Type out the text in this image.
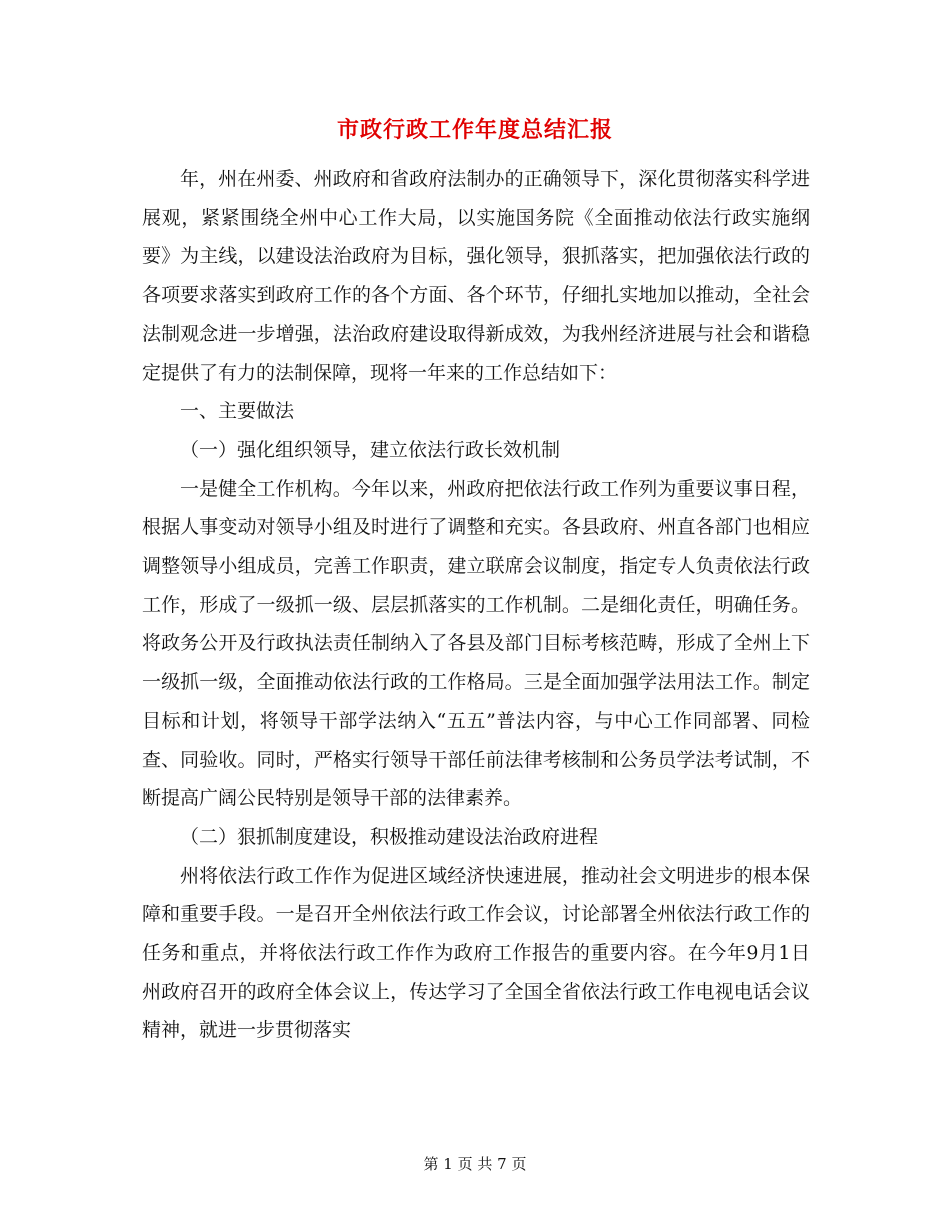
市政行政工作年度总结汇报

年，州在州委、州政府和省政府法制办的正确领导下，深化贯彻落实科学进展观，紧紧围绕全州中心工作大局，以实施国务院《全面推动依法行政实施纲要》为主线，以建设法治政府为目标，强化领导，狠抓落实，把加强依法行政的各项要求落实到政府工作的各个方面、各个环节，仔细扎实地加以推动，全社会法制观念进一步增强，法治政府建设取得新成效，为我州经济进展与社会和谐稳定提供了有力的法制保障，现将一年来的工作总结如下：

一、主要做法

（一）强化组织领导，建立依法行政长效机制

一是健全工作机构。今年以来，州政府把依法行政工作列为重要议事日程，根据人事变动对领导小组及时进行了调整和充实。各县政府、州直各部门也相应调整领导小组成员，完善工作职责，建立联席会议制度，指定专人负责依法行政工作，形成了一级抓一级、层层抓落实的工作机制。二是细化责任，明确任务。将政务公开及行政执法责任制纳入了各县及部门目标考核范畴，形成了全州上下一级抓一级，全面推动依法行政的工作格局。三是全面加强学法用法工作。制定目标和计划，将领导干部学法纳入“五五”普法内容，与中心工作同部署、同检查、同验收。同时，严格实行领导干部任前法律考核制和公务员学法考试制，不断提高广阔公民特别是领导干部的法律素养。

（二）狠抓制度建设，积极推动建设法治政府进程

州将依法行政工作作为促进区域经济快速进展，推动社会文明进步的根本保障和重要手段。一是召开全州依法行政工作会议，讨论部署全州依法行政工作的任务和重点，并将依法行政工作作为政府工作报告的重要内容。在今年9月1日州政府召开的政府全体会议上，传达学习了全国全省依法行政工作电视电话会议精神，就进一步贯彻落实

第 1 页 共 7 页
